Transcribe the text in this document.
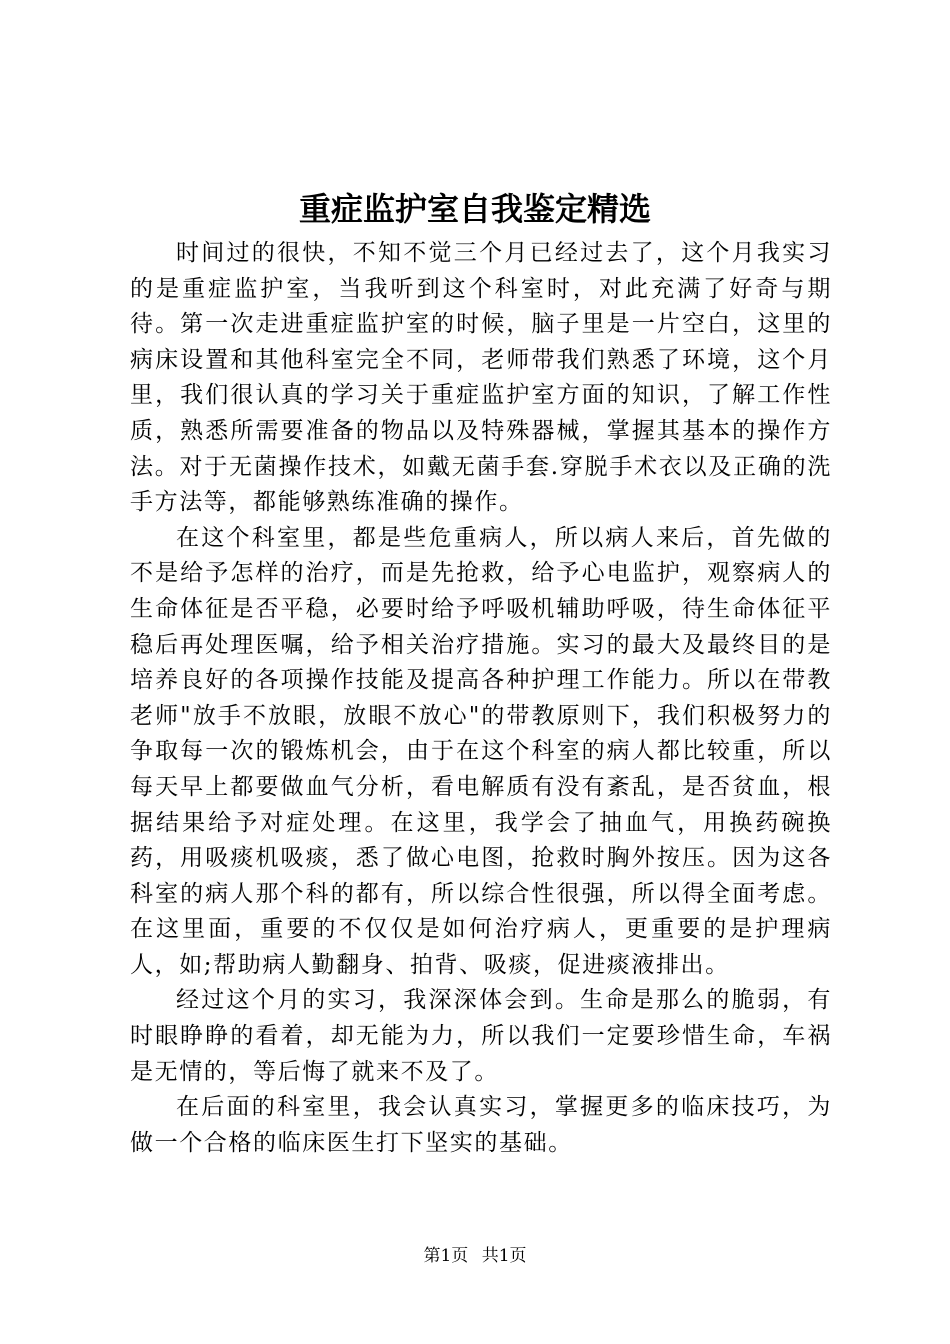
重症监护室自我鉴定精选

时间过的很快，不知不觉三个月已经过去了，这个月我实习的是重症监护室，当我听到这个科室时，对此充满了好奇与期待。第一次走进重症监护室的时候，脑子里是一片空白，这里的病床设置和其他科室完全不同，老师带我们熟悉了环境，这个月里，我们很认真的学习关于重症监护室方面的知识，了解工作性质，熟悉所需要准备的物品以及特殊器械，掌握其基本的操作方法。对于无菌操作技术，如戴无菌手套.穿脱手术衣以及正确的洗手方法等，都能够熟练准确的操作。

在这个科室里，都是些危重病人，所以病人来后，首先做的不是给予怎样的治疗，而是先抢救，给予心电监护，观察病人的生命体征是否平稳，必要时给予呼吸机辅助呼吸，待生命体征平稳后再处理医嘱，给予相关治疗措施。实习的最大及最终目的是培养良好的各项操作技能及提高各种护理工作能力。所以在带教老师"放手不放眼，放眼不放心"的带教原则下，我们积极努力的争取每一次的锻炼机会，由于在这个科室的病人都比较重，所以每天早上都要做血气分析，看电解质有没有紊乱，是否贫血，根据结果给予对症处理。在这里，我学会了抽血气，用换药碗换药，用吸痰机吸痰，悉了做心电图，抢救时胸外按压。因为这各科室的病人那个科的都有，所以综合性很强，所以得全面考虑。在这里面，重要的不仅仅是如何治疗病人，更重要的是护理病人，如;帮助病人勤翻身、拍背、吸痰，促进痰液排出。

经过这个月的实习，我深深体会到。生命是那么的脆弱，有时眼睁睁的看着，却无能为力，所以我们一定要珍惜生命，车祸是无情的，等后悔了就来不及了。

在后面的科室里，我会认真实习，掌握更多的临床技巧，为做一个合格的临床医生打下坚实的基础。

第1页 共1页
